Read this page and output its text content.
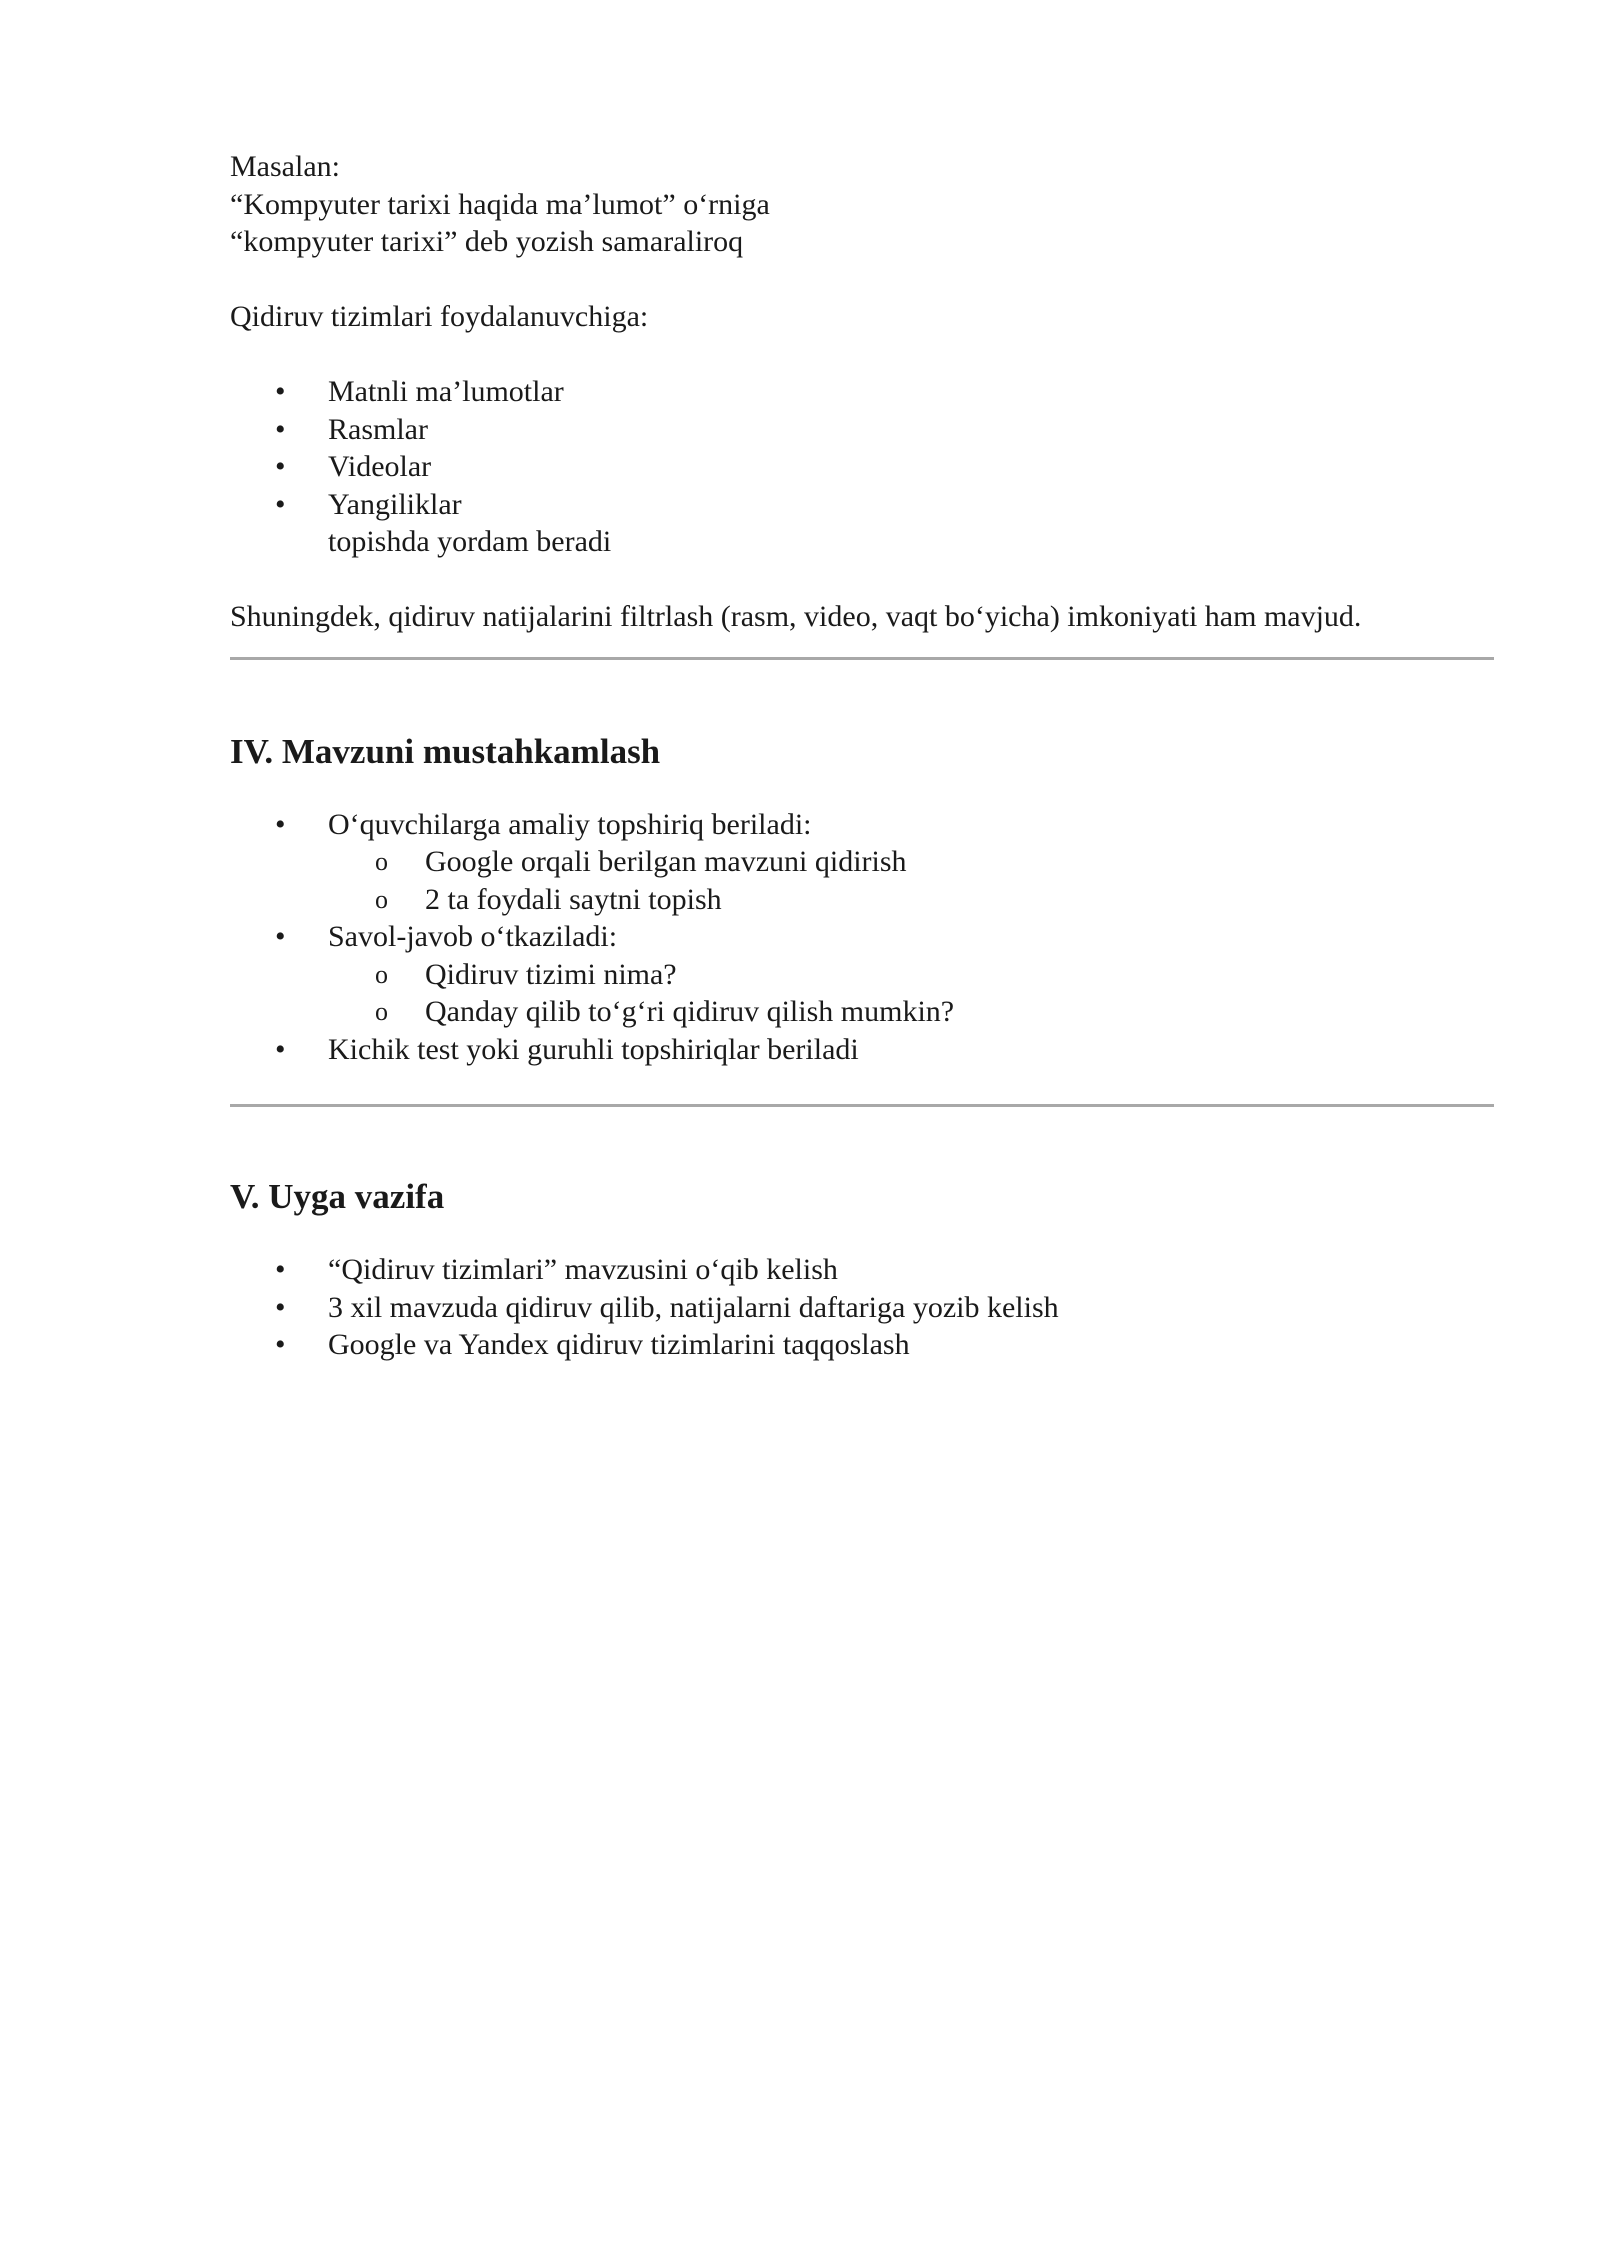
Masalan:
“Kompyuter tarixi haqida ma’lumot” o‘rniga
“kompyuter tarixi” deb yozish samaraliroq
Qidiruv tizimlari foydalanuvchiga:
• Matnli ma’lumotlar
• Rasmlar
• Videolar
• Yangiliklar
topishda yordam beradi
Shuningdek, qidiruv natijalarini filtrlash (rasm, video, vaqt bo‘yicha) imkoniyati ham mavjud.
IV. Mavzuni mustahkamlash
• O‘quvchilarga amaliy topshiriq beriladi:
o Google orqali berilgan mavzuni qidirish
o 2 ta foydali saytni topish
• Savol-javob o‘tkaziladi:
o Qidiruv tizimi nima?
o Qanday qilib to‘g‘ri qidiruv qilish mumkin?
• Kichik test yoki guruhli topshiriqlar beriladi
V. Uyga vazifa
• “Qidiruv tizimlari” mavzusini o‘qib kelish
• 3 xil mavzuda qidiruv qilib, natijalarni daftariga yozib kelish
• Google va Yandex qidiruv tizimlarini taqqoslash
